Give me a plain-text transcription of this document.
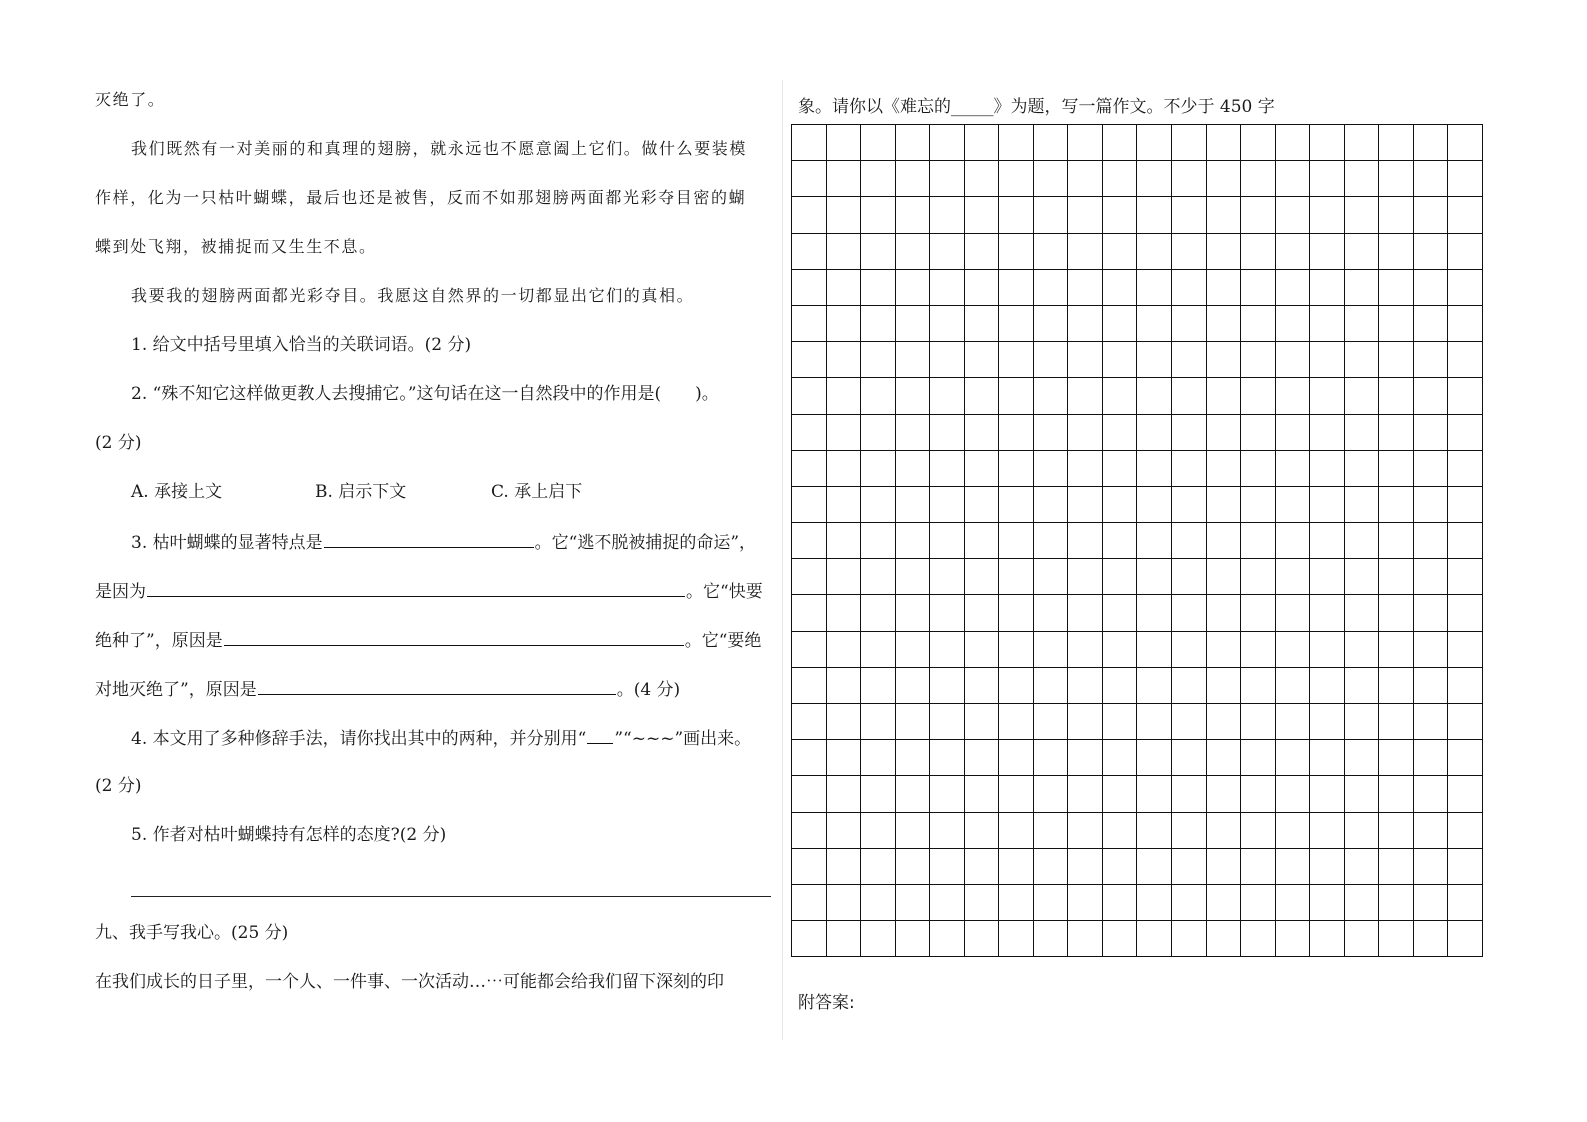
灭绝了。
我们既然有一对美丽的和真理的翅膀，就永远也不愿意阖上它们。做什么要装模
作样，化为一只枯叶蝴蝶，最后也还是被售，反而不如那翅膀两面都光彩夺目密的蝴
蝶到处飞翔，被捕捉而又生生不息。
我要我的翅膀两面都光彩夺目。我愿这自然界的一切都显出它们的真相。
1. 给文中括号里填入恰当的关联词语。(2 分)
2. “殊不知它这样做更教人去搜捕它。”这句话在这一自然段中的作用是(　　)。
(2 分)
A. 承接上文	B. 启示下文	C. 承上启下
3. 枯叶蝴蝶的显著特点是	。它“逃不脱被捕捉的命运”，
是因为	。它“快要
绝种了”，原因是	。它“要绝
对地灭绝了”，原因是	。(4 分)
4. 本文用了多种修辞手法，请你找出其中的两种，并分别用“ ”“~~~”画出来。
(2 分)
5. 作者对枯叶蝴蝶持有怎样的态度?(2 分)
九、我手写我心。(25 分)
在我们成长的日子里，一个人、一件事、一次活动…⋯可能都会给我们留下深刻的印
象。请你以《难忘的_____》为题，写一篇作文。不少于 450 字
附答案:
